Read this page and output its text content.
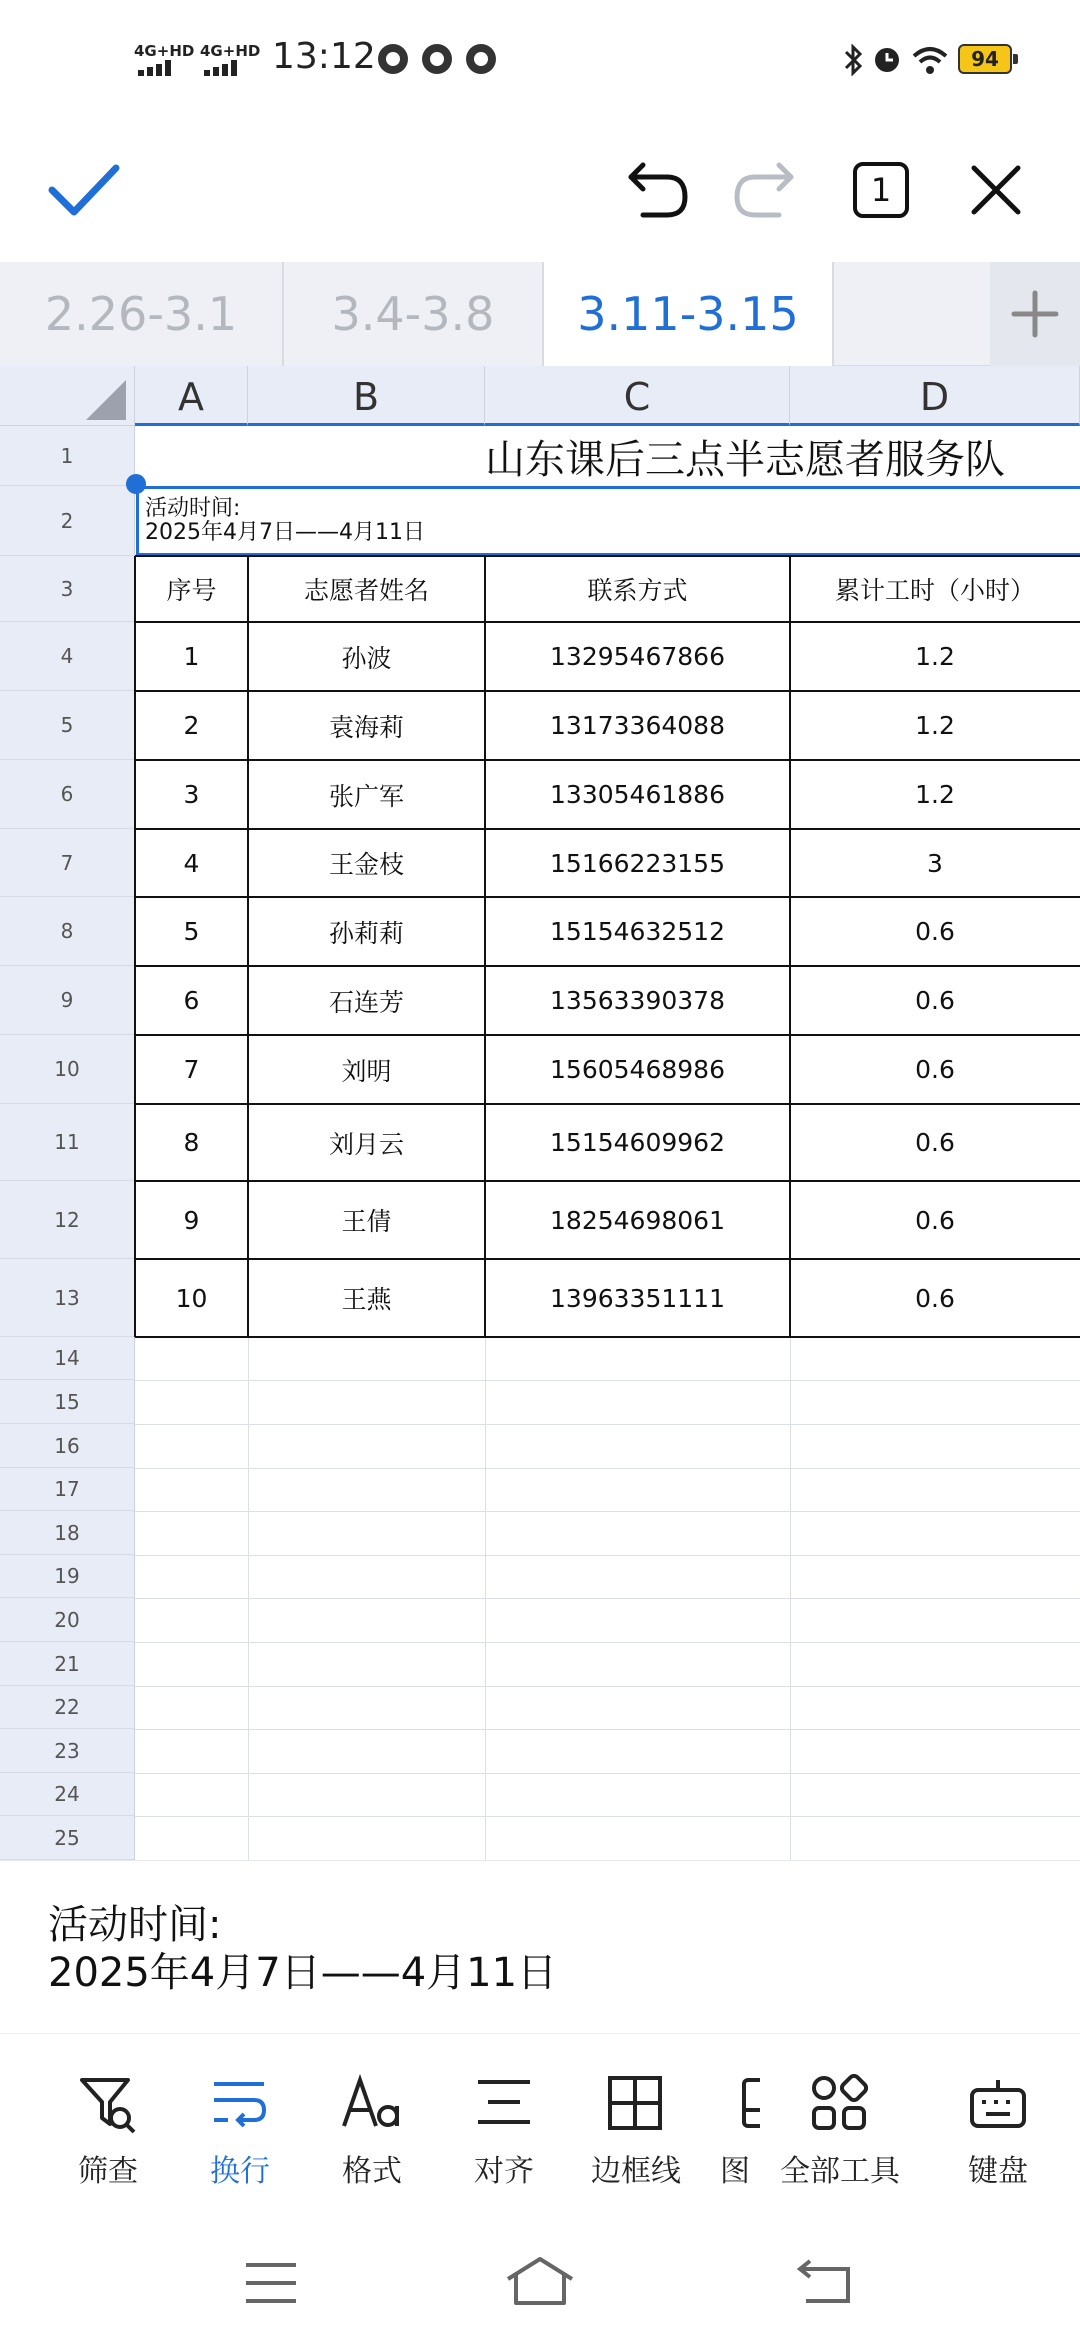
4G+HD 4G+HD 13:12	94
1
2.26-3.1	3.4-3.8	3.11-3.15
A	B	C	D
1
2
3
4
5
6
7
8
9
10
11
12
13
14
15
16
17
18
19
20
21
22
23
24
25
山东课后三点半志愿者服务队
活动时间:
2025年4月7日——4月11日
序号	志愿者姓名	联系方式	累计工时（小时）
1	孙波	13295467866	1.2
2	袁海莉	13173364088	1.2
3	张广军	13305461886	1.2
4	王金枝	15166223155	3
5	孙莉莉	15154632512	0.6
6	石连芳	13563390378	0.6
7	刘明	15605468986	0.6
8	刘月云	15154609962	0.6
9	王倩	18254698061	0.6
10	王燕	13963351111	0.6
活动时间:
2025年4月7日——4月11日
筛查	换行	格式	对齐	边框线	图	全部工具	键盘
